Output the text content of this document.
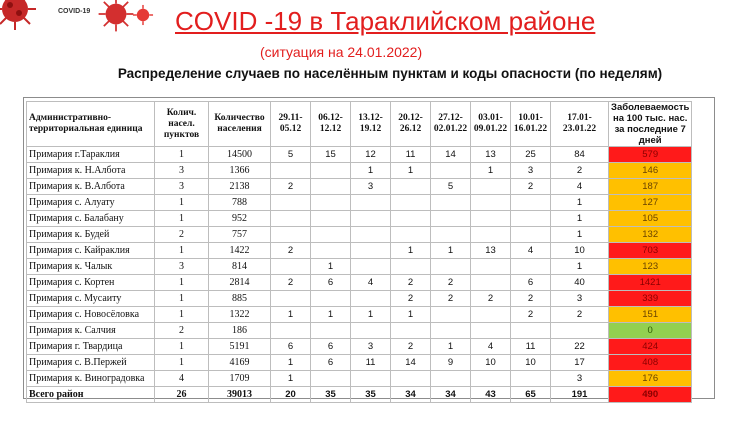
COVID-19	COVID -19 в Тараклийском районе
(ситуация на 24.01.2022)
Распределение случаев по населённым пунктам и коды опасности (по неделям)
Административно-территориальная единица	Колич. насел. пунктов	Количество населения	29.11-05.12	06.12-12.12	13.12-19.12	20.12-26.12	27.12-02.01.22	03.01-09.01.22	10.01-16.01.22	17.01-23.01.22	Заболеваемость на 100 тыс. нас. за последние 7 дней
Примария г.Тараклия	1	14500	5	15	12	11	14	13	25	84	579
Примария к. Н.Албота	3	1366			1	1		1	3	2	146
Примария к. В.Албота	3	2138	2		3		5		2	4	187
Примария с. Алуату	1	788								1	127
Примария с. Балабану	1	952								1	105
Примария к. Будей	2	757								1	132
Примария с. Кайраклия	1	1422	2			1	1	13	4	10	703
Примария к. Чалык	3	814		1						1	123
Примария с. Кортен	1	2814	2	6	4	2	2		6	40	1421
Примария с. Мусаиту	1	885				2	2	2	2	3	339
Примария с. Новосёловка	1	1322	1	1	1	1			2	2	151
Примария к. Салчия	2	186									0
Примария г. Твардица	1	5191	6	6	3	2	1	4	11	22	424
Примария с. В.Пержей	1	4169	1	6	11	14	9	10	10	17	408
Примария к. Виноградовка	4	1709	1							3	176
Всего район	26	39013	20	35	35	34	34	43	65	191	490
